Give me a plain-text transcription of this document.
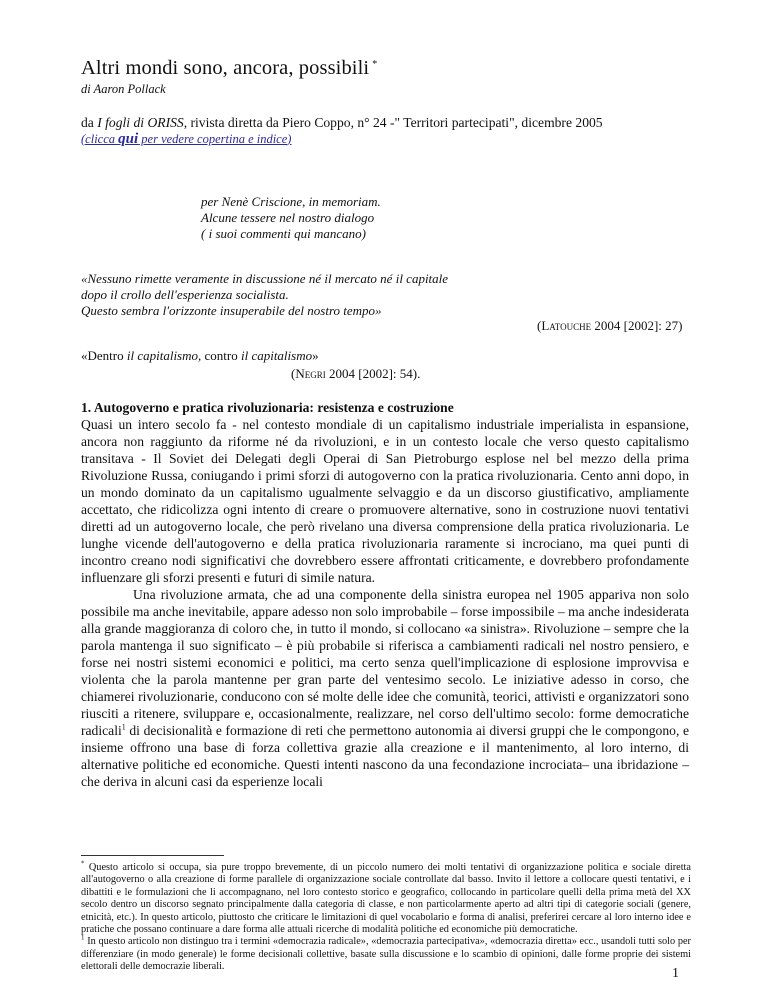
Altri mondi sono, ancora, possibili *
di Aaron Pollack
da I fogli di ORISS, rivista diretta da Piero Coppo, n° 24 -" Territori partecipati", dicembre 2005
(clicca qui per vedere copertina e indice)
per Nenè Criscione, in memoriam.
Alcune tessere nel nostro dialogo
( i suoi commenti qui mancano)
«Nessuno rimette veramente in discussione né il mercato né il capitale
dopo il crollo dell'esperienza socialista.
Questo sembra l'orizzonte insuperabile del nostro tempo»
(Latouche 2004 [2002]: 27)
«Dentro il capitalismo, contro il capitalismo»
(Negri 2004 [2002]: 54).
1. Autogoverno e pratica rivoluzionaria: resistenza e costruzione

Quasi un intero secolo fa - nel contesto mondiale di un capitalismo industriale imperialista in espansione, ancora non raggiunto da riforme né da rivoluzioni, e in un contesto locale che verso questo capitalismo transitava - Il Soviet dei Delegati degli Operai di San Pietroburgo esplose nel bel mezzo della prima Rivoluzione Russa, coniugando i primi sforzi di autogoverno con la pratica rivoluzionaria. Cento anni dopo, in un mondo dominato da un capitalismo ugualmente selvaggio e da un discorso giustificativo, ampliamente accettato, che ridicolizza ogni intento di creare o promuovere alternative, sono in costruzione nuovi tentativi diretti ad un autogoverno locale, che però rivelano una diversa comprensione della pratica rivoluzionaria. Le lunghe vicende dell'autogoverno e della pratica rivoluzionaria raramente si incrociano, ma quei punti di incontro creano nodi significativi che dovrebbero essere affrontati criticamente, e dovrebbero profondamente influenzare gli sforzi presenti e futuri di simile natura.

Una rivoluzione armata, che ad una componente della sinistra europea nel 1905 appariva non solo possibile ma anche inevitabile, appare adesso non solo improbabile – forse impossibile – ma anche indesiderata alla grande maggioranza di coloro che, in tutto il mondo, si collocano «a sinistra». Rivoluzione – sempre che la parola mantenga il suo significato – è più probabile si riferisca a cambiamenti radicali nel nostro pensiero, e forse nei nostri sistemi economici e politici, ma certo senza quell'implicazione di esplosione improvvisa e violenta che la parola mantenne per gran parte del ventesimo secolo. Le iniziative adesso in corso, che chiamerei rivoluzionarie, conducono con sé molte delle idee che comunità, teorici, attivisti e organizzatori sono riusciti a ritenere, sviluppare e, occasionalmente, realizzare, nel corso dell'ultimo secolo: forme democratiche radicali$^1$ di decisionalità e formazione di reti che permettono autonomia ai diversi gruppi che le compongono, e insieme offrono una base di forza collettiva grazie alla creazione e il mantenimento, al loro interno, di alternative politiche ed economiche. Questi intenti nascono da una fecondazione incrociata– una ibridazione – che deriva in alcuni casi da esperienze locali

* Questo articolo si occupa, sia pure troppo brevemente, di un piccolo numero dei molti tentativi di organizzazione politica e sociale diretta all'autogoverno o alla creazione di forme parallele di organizzazione sociale controllate dal basso. Invito il lettore a collocare questi tentativi, e i dibattiti e le formulazioni che li accompagnano, nel loro contesto storico e geografico, collocando in particolare quelli della prima metà del XX secolo dentro un discorso segnato principalmente dalla categoria di classe, e non particolarmente aperto ad altri tipi di categorie sociali (genere, etnicità, etc.). In questo articolo, piuttosto che criticare le limitazioni di quel vocabolario e forma di analisi, preferirei cercare al loro interno idee e pratiche che possano continuare a dare forma alle attuali ricerche di modalità politiche ed economiche più democratiche.

$^1$ In questo articolo non distinguo tra i termini «democrazia radicale», «democrazia partecipativa», «democrazia diretta» ecc., usandoli tutti solo per differenziare (in modo generale) le forme decisionali collettive, basate sulla discussione e lo scambio di opinioni, dalle forme proprie dei sistemi elettorali delle democrazie liberali.	1
